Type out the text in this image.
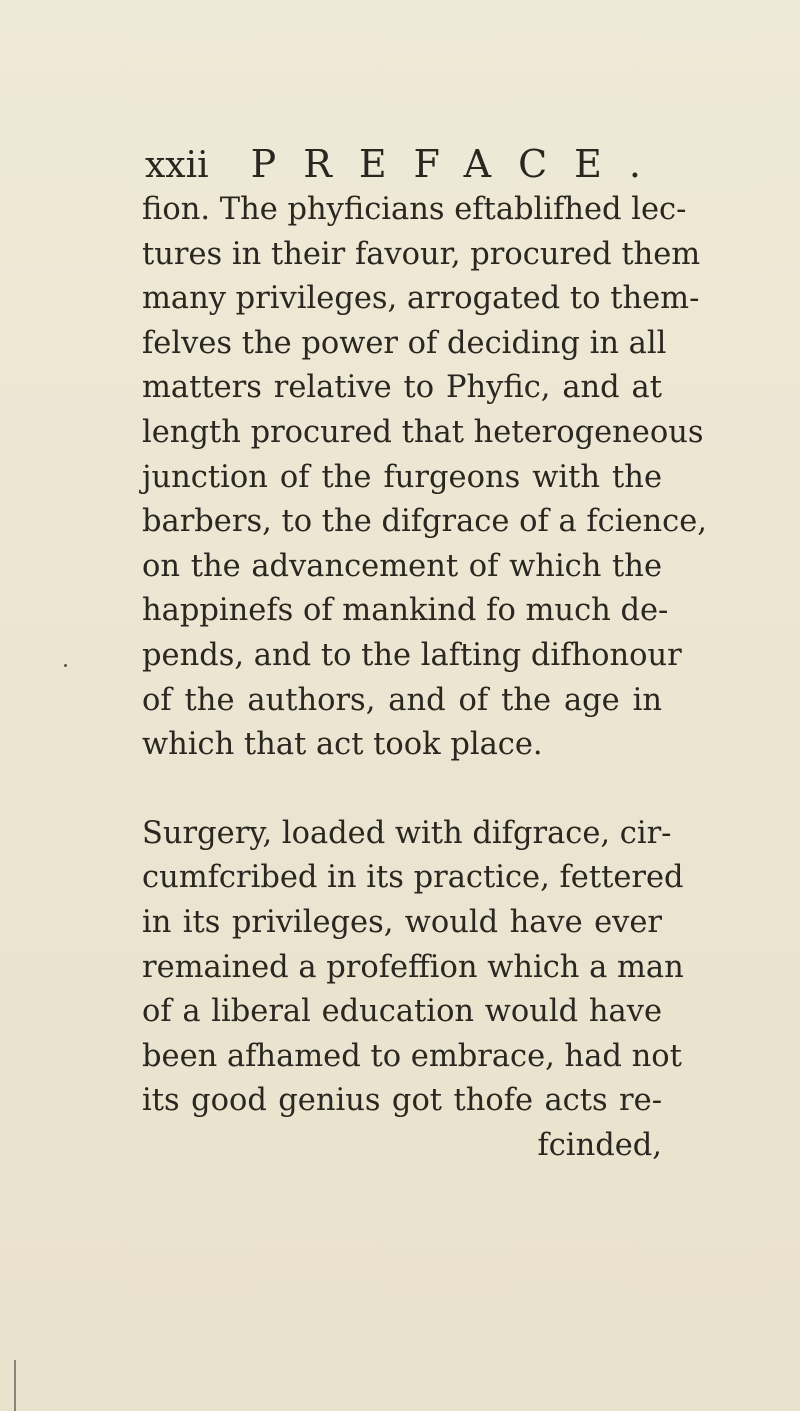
xxii PREFACE.
fion. The phyficians eftablifhed lec-
tures in their favour, procured them
many privileges, arrogated to them-
felves the power of deciding in all
matters relative to Phyfic, and at
length procured that heterogeneous
junction of the furgeons with the
barbers, to the difgrace of a fcience,
on the advancement of which the
happinefs of mankind fo much de-
pends, and to the lafting difhonour
of the authors, and of the age in
which that act took place.
Surgery, loaded with difgrace, cir-
cumfcribed in its practice, fettered
in its privileges, would have ever
remained a profeffion which a man
of a liberal education would have
been afhamed to embrace, had not
its good genius got thofe acts re-
fcinded,
